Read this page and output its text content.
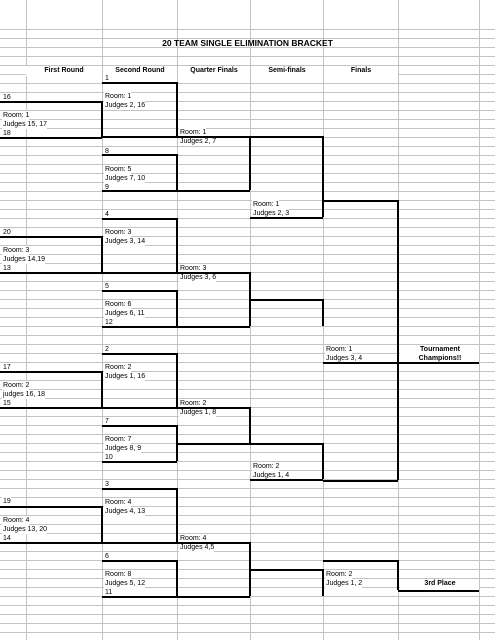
20 TEAM SINGLE ELIMINATION BRACKET
First Round	Second Round	Quarter Finals	Semi-finals	Finals
16
Room: 1
Judges 15, 17
18
20
Room: 3
Judges 14,19
13
17
Room: 2
judges 16, 18
15
19
Room: 4
Judges 13, 20
14
1
Room: 1
Judges 2, 16
8
Room: 5
Judges 7, 10
9
4
Room: 3
Judges 3, 14
5
Room: 6
Judges 6, 11
12
2
Room: 2
Judges 1, 16
7
Room: 7
Judges 8, 9
10
3
Room: 4
Judges 4, 13
6
Room: 8
Judges 5, 12
11
Room: 1
Judges 2, 7
Room: 3
Judges 3, 6
Room: 2
Judges 1, 8
Room: 4
Judges 4,5
Room: 1
Judges 2, 3
Room: 2
Judges 1, 4
Room: 1
Judges 3, 4
Room: 2
Judges 1, 2
Tournament
Champions!!
3rd Place
